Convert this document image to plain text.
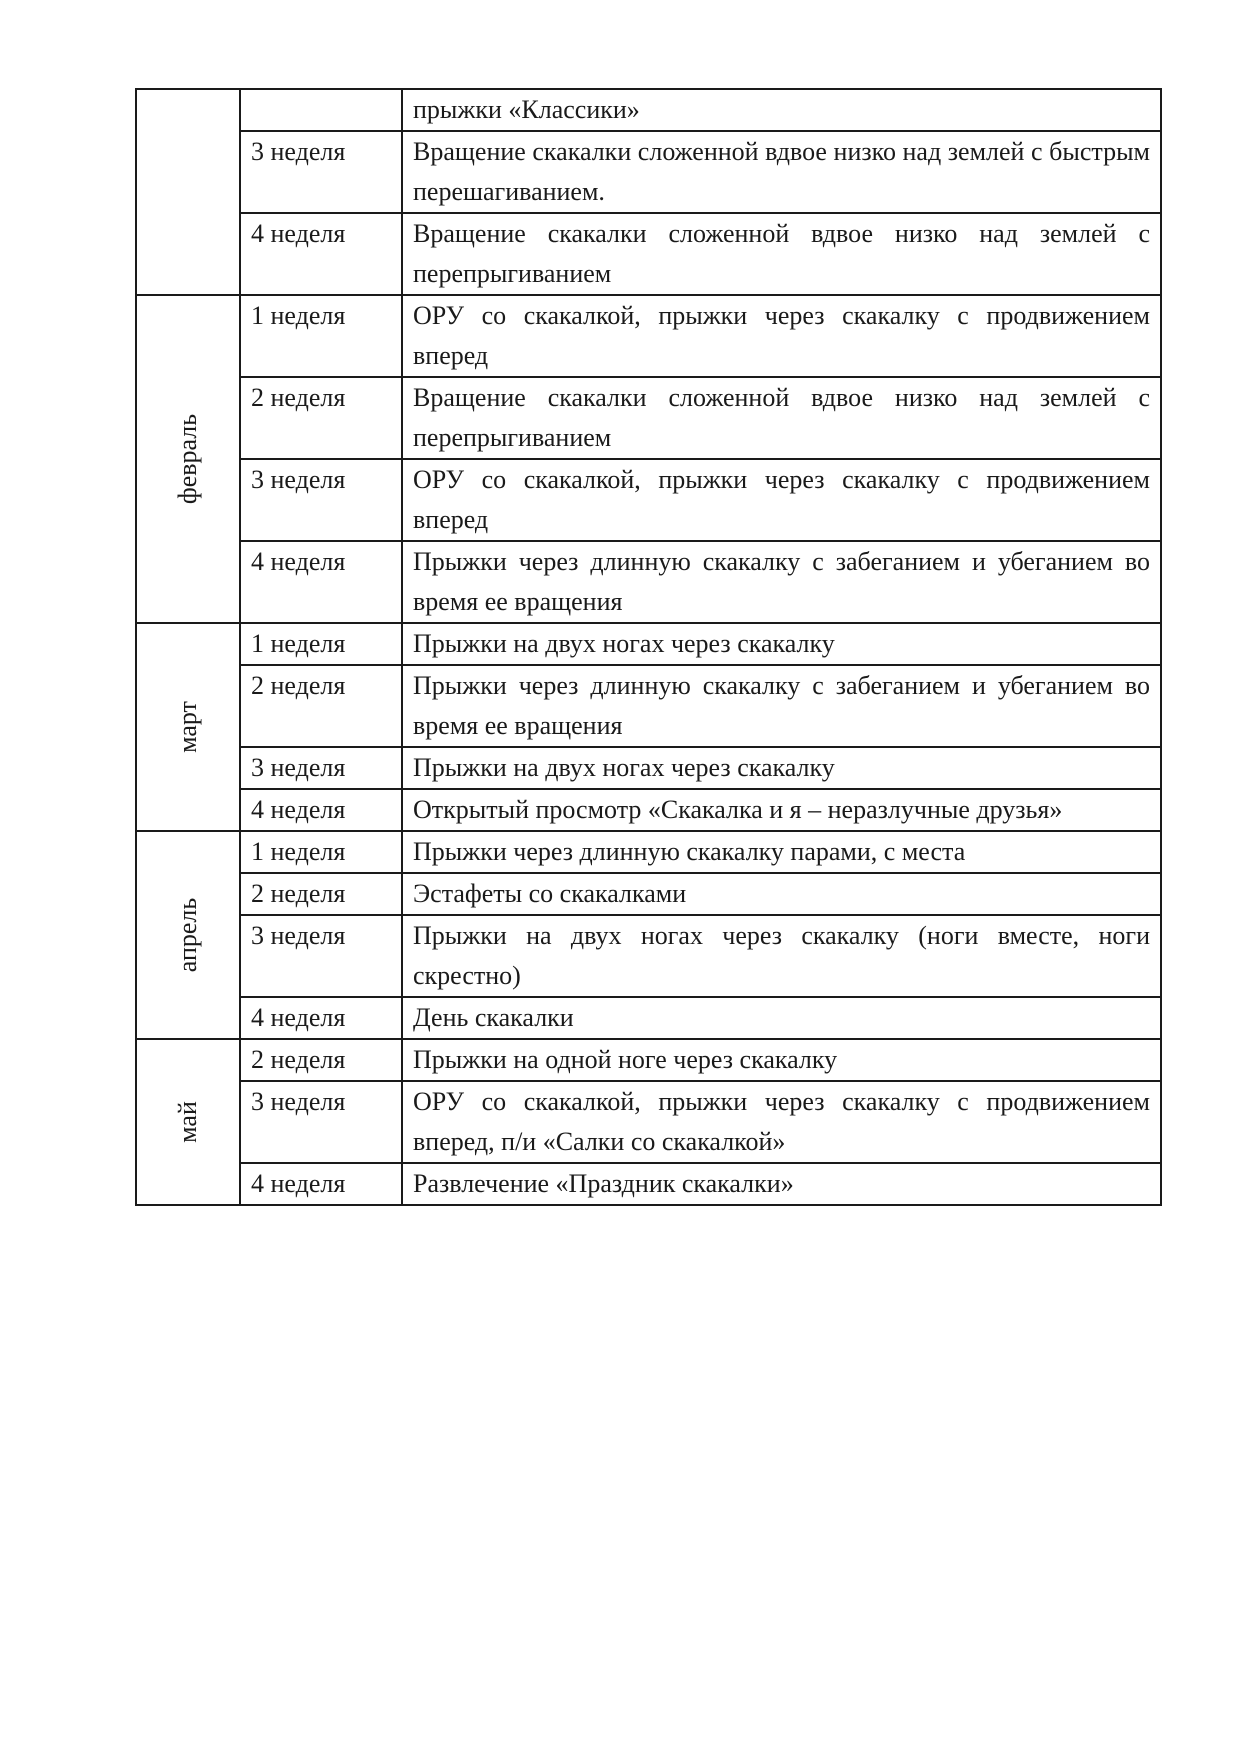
		прыжки «Классики»
	3 неделя	Вращение скакалки сложенной вдвое низко над землей с быстрым перешагиванием.
	4 неделя	Вращение скакалки сложенной вдвое низко над землей с перепрыгиванием

февраль	1 неделя	ОРУ со скакалкой, прыжки через скакалку с продвижением вперед
	2 неделя	Вращение скакалки сложенной вдвое низко над землей с перепрыгиванием
	3 неделя	ОРУ со скакалкой, прыжки через скакалку с продвижением вперед
	4 неделя	Прыжки через длинную скакалку с забеганием и убеганием во время ее вращения

март	1 неделя	Прыжки на двух ногах через скакалку
	2 неделя	Прыжки через длинную скакалку с забеганием и убеганием во время ее вращения
	3 неделя	Прыжки на двух ногах через скакалку
	4 неделя	Открытый просмотр «Скакалка и я – неразлучные друзья»

апрель	1 неделя	Прыжки через длинную скакалку парами, с места
	2 неделя	Эстафеты со скакалками
	3 неделя	Прыжки на двух ногах через скакалку (ноги вместе, ноги скрестно)
	4 неделя	День скакалки

май	2 неделя	Прыжки на одной ноге через скакалку
	3 неделя	ОРУ со скакалкой, прыжки через скакалку с продвижением вперед, п/и «Салки со скакалкой»
	4 неделя	Развлечение «Праздник скакалки»
